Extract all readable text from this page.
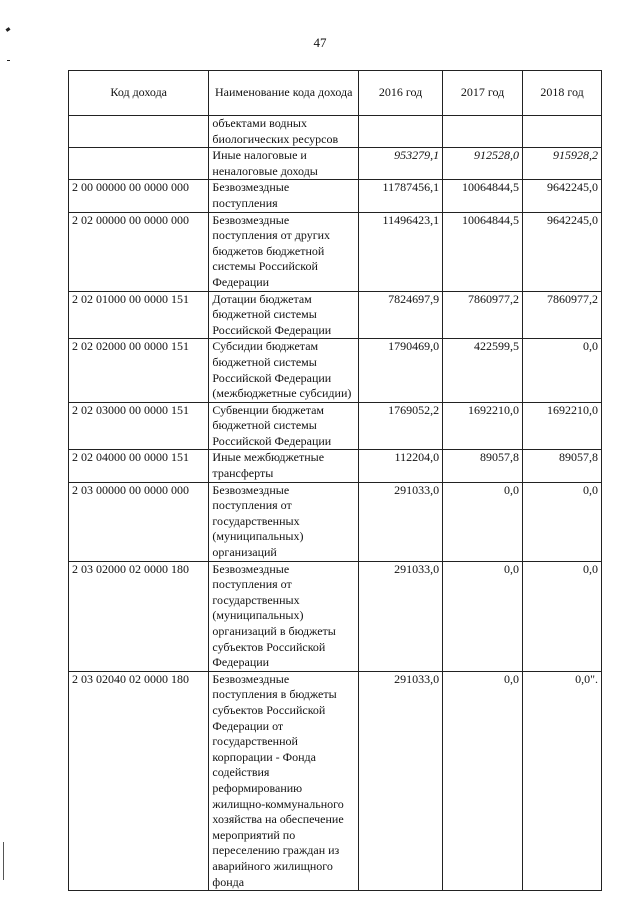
47
Код дохода	Наименование кода дохода	2016 год	2017 год	2018 год
	объектами водных биологических ресурсов			
	Иные налоговые и неналоговые доходы	953279,1	912528,0	915928,2
2 00 00000 00 0000 000	Безвозмездные поступления	11787456,1	10064844,5	9642245,0
2 02 00000 00 0000 000	Безвозмездные поступления от других бюджетов бюджетной системы Российской Федерации	11496423,1	10064844,5	9642245,0
2 02 01000 00 0000 151	Дотации бюджетам бюджетной системы Российской Федерации	7824697,9	7860977,2	7860977,2
2 02 02000 00 0000 151	Субсидии бюджетам бюджетной системы Российской Федерации (межбюджетные субсидии)	1790469,0	422599,5	0,0
2 02 03000 00 0000 151	Субвенции бюджетам бюджетной системы Российской Федерации	1769052,2	1692210,0	1692210,0
2 02 04000 00 0000 151	Иные межбюджетные трансферты	112204,0	89057,8	89057,8
2 03 00000 00 0000 000	Безвозмездные поступления от государственных (муниципальных) организаций	291033,0	0,0	0,0
2 03 02000 02 0000 180	Безвозмездные поступления от государственных (муниципальных) организаций в бюджеты субъектов Российской Федерации	291033,0	0,0	0,0
2 03 02040 02 0000 180	Безвозмездные поступления в бюджеты субъектов Российской Федерации от государственной корпорации - Фонда содействия реформированию жилищно-коммунального хозяйства на обеспечение мероприятий по переселению граждан из аварийного жилищного фонда	291033,0	0,0	0,0".
